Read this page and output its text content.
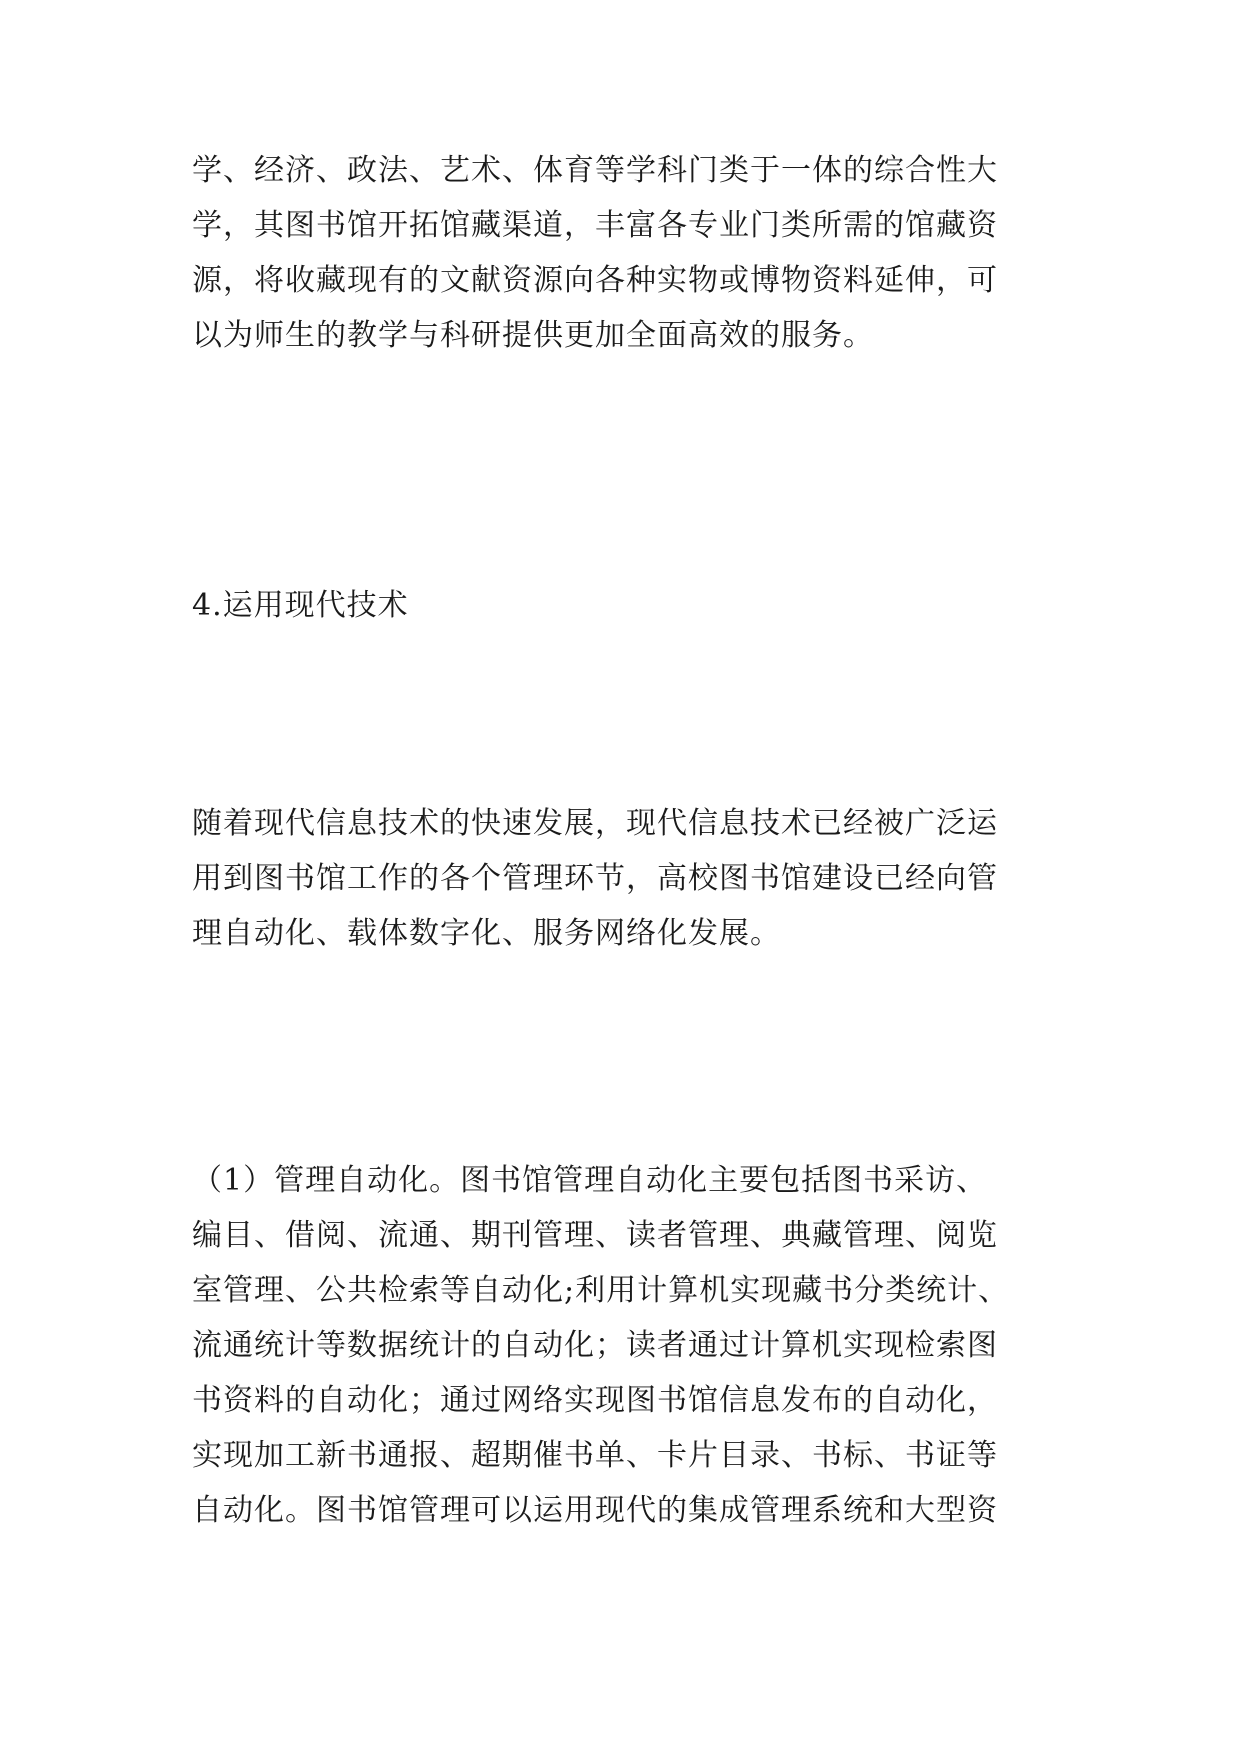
学、经济、政法、艺术、体育等学科门类于一体的综合性大
学，其图书馆开拓馆藏渠道，丰富各专业门类所需的馆藏资
源，将收藏现有的文献资源向各种实物或博物资料延伸，可
以为师生的教学与科研提供更加全面高效的服务。
4.运用现代技术
随着现代信息技术的快速发展，现代信息技术已经被广泛运
用到图书馆工作的各个管理环节，高校图书馆建设已经向管
理自动化、载体数字化、服务网络化发展。
（1）管理自动化。图书馆管理自动化主要包括图书采访、
编目、借阅、流通、期刊管理、读者管理、典藏管理、阅览
室管理、公共检索等自动化;利用计算机实现藏书分类统计、
流通统计等数据统计的自动化；读者通过计算机实现检索图
书资料的自动化；通过网络实现图书馆信息发布的自动化，
实现加工新书通报、超期催书单、卡片目录、书标、书证等
自动化。图书馆管理可以运用现代的集成管理系统和大型资
